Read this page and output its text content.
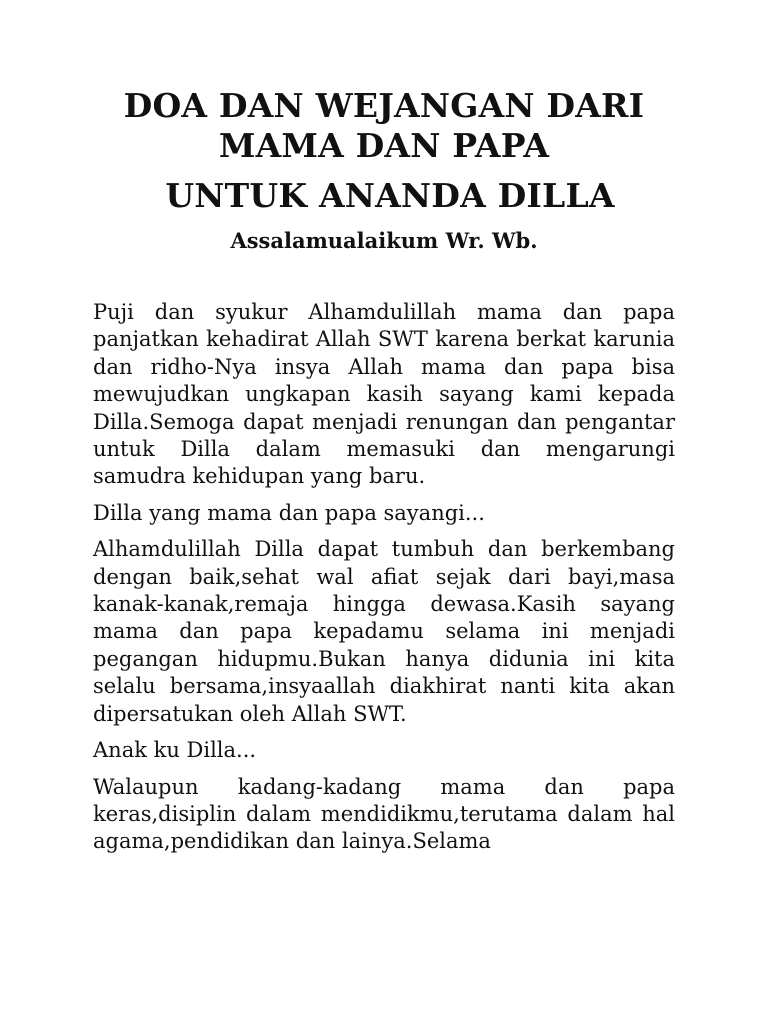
DOA DAN WEJANGAN DARI
MAMA DAN PAPA
UNTUK ANANDA DILLA

Assalamualaikum Wr. Wb.

Puji dan syukur Alhamdulillah mama dan papa panjatkan kehadirat Allah SWT karena berkat karunia dan ridho-Nya insya Allah mama dan papa bisa mewujudkan ungkapan kasih sayang kami kepada Dilla.Semoga dapat menjadi renungan dan pengantar untuk Dilla dalam memasuki dan mengarungi samudra kehidupan yang baru.

Dilla yang mama dan papa sayangi...

Alhamdulillah Dilla dapat tumbuh dan berkembang dengan baik,sehat wal afiat sejak dari bayi,masa kanak-kanak,remaja hingga dewasa.Kasih sayang mama dan papa kepadamu selama ini menjadi pegangan hidupmu.Bukan hanya didunia ini kita selalu bersama,insyaallah diakhirat nanti kita akan dipersatukan oleh Allah SWT.

Anak ku Dilla...

Walaupun kadang-kadang mama dan papa keras,disiplin dalam mendidikmu,terutama dalam hal agama,pendidikan dan lainya.Selama
